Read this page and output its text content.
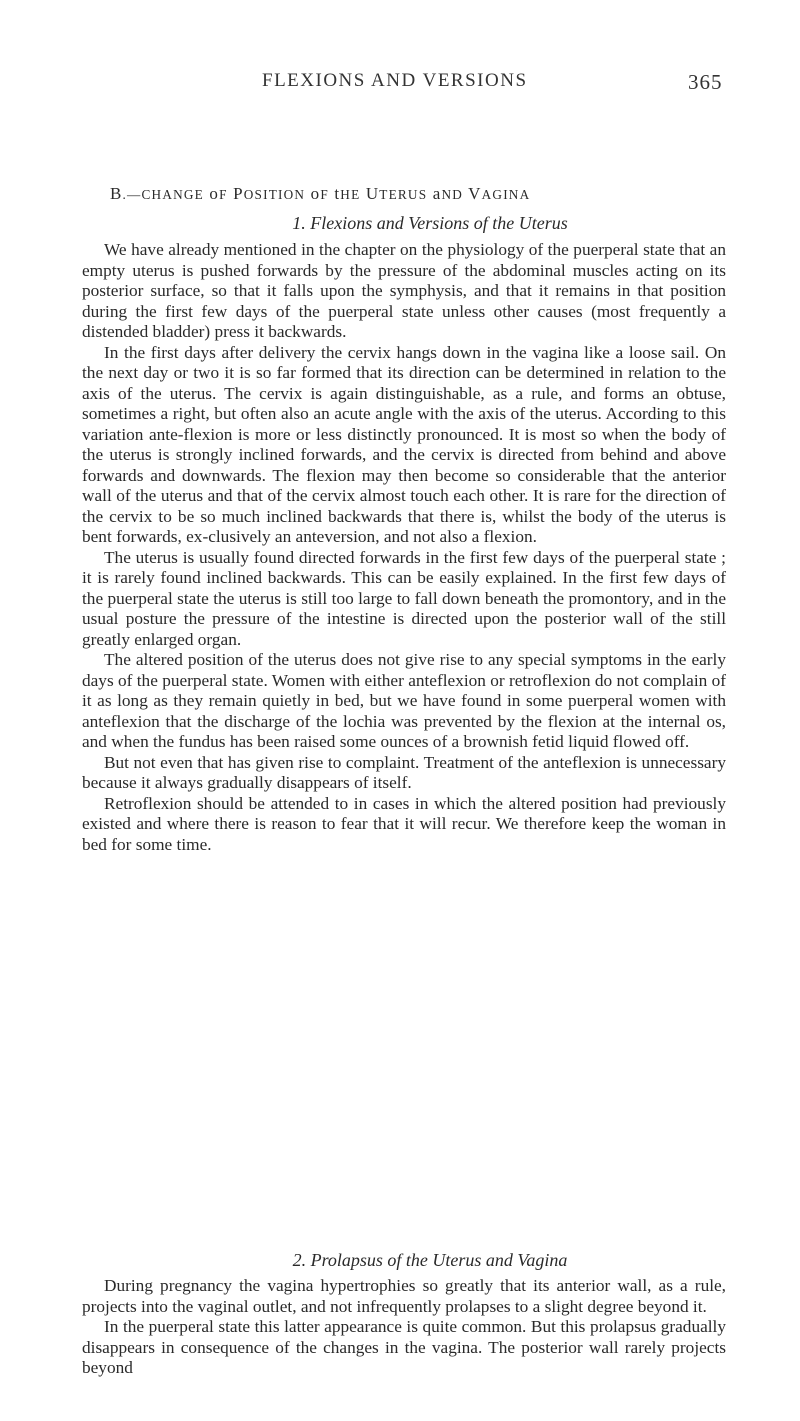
FLEXIONS AND VERSIONS	365
B.—CHANGE oF POSITION oF tHE UTERUS aND VAGINA
1. Flexions and Versions of the Uterus

We have already mentioned in the chapter on the physiology of the puerperal state that an empty uterus is pushed forwards by the pressure of the abdominal muscles acting on its posterior surface, so that it falls upon the symphysis, and that it remains in that position during the first few days of the puerperal state unless other causes (most frequently a distended bladder) press it backwards.

In the first days after delivery the cervix hangs down in the vagina like a loose sail. On the next day or two it is so far formed that its direction can be determined in relation to the axis of the uterus. The cervix is again distinguishable, as a rule, and forms an obtuse, sometimes a right, but often also an acute angle with the axis of the uterus. According to this variation ante-flexion is more or less distinctly pronounced. It is most so when the body of the uterus is strongly inclined forwards, and the cervix is directed from behind and above forwards and downwards. The flexion may then become so considerable that the anterior wall of the uterus and that of the cervix almost touch each other. It is rare for the direction of the cervix to be so much inclined backwards that there is, whilst the body of the uterus is bent forwards, ex-clusively an anteversion, and not also a flexion.

The uterus is usually found directed forwards in the first few days of the puerperal state ; it is rarely found inclined backwards. This can be easily explained. In the first few days of the puerperal state the uterus is still too large to fall down beneath the promontory, and in the usual posture the pressure of the intestine is directed upon the posterior wall of the still greatly enlarged organ.

The altered position of the uterus does not give rise to any special symptoms in the early days of the puerperal state. Women with either anteflexion or retroflexion do not complain of it as long as they remain quietly in bed, but we have found in some puerperal women with anteflexion that the discharge of the lochia was prevented by the flexion at the internal os, and when the fundus has been raised some ounces of a brownish fetid liquid flowed off.

But not even that has given rise to complaint. Treatment of the anteflexion is unnecessary because it always gradually disappears of itself.

Retroflexion should be attended to in cases in which the altered position had previously existed and where there is reason to fear that it will recur. We therefore keep the woman in bed for some time.

2. Prolapsus of the Uterus and Vagina

During pregnancy the vagina hypertrophies so greatly that its anterior wall, as a rule, projects into the vaginal outlet, and not infrequently prolapses to a slight degree beyond it.

In the puerperal state this latter appearance is quite common. But this prolapsus gradually disappears in consequence of the changes in the vagina. The posterior wall rarely projects beyond
